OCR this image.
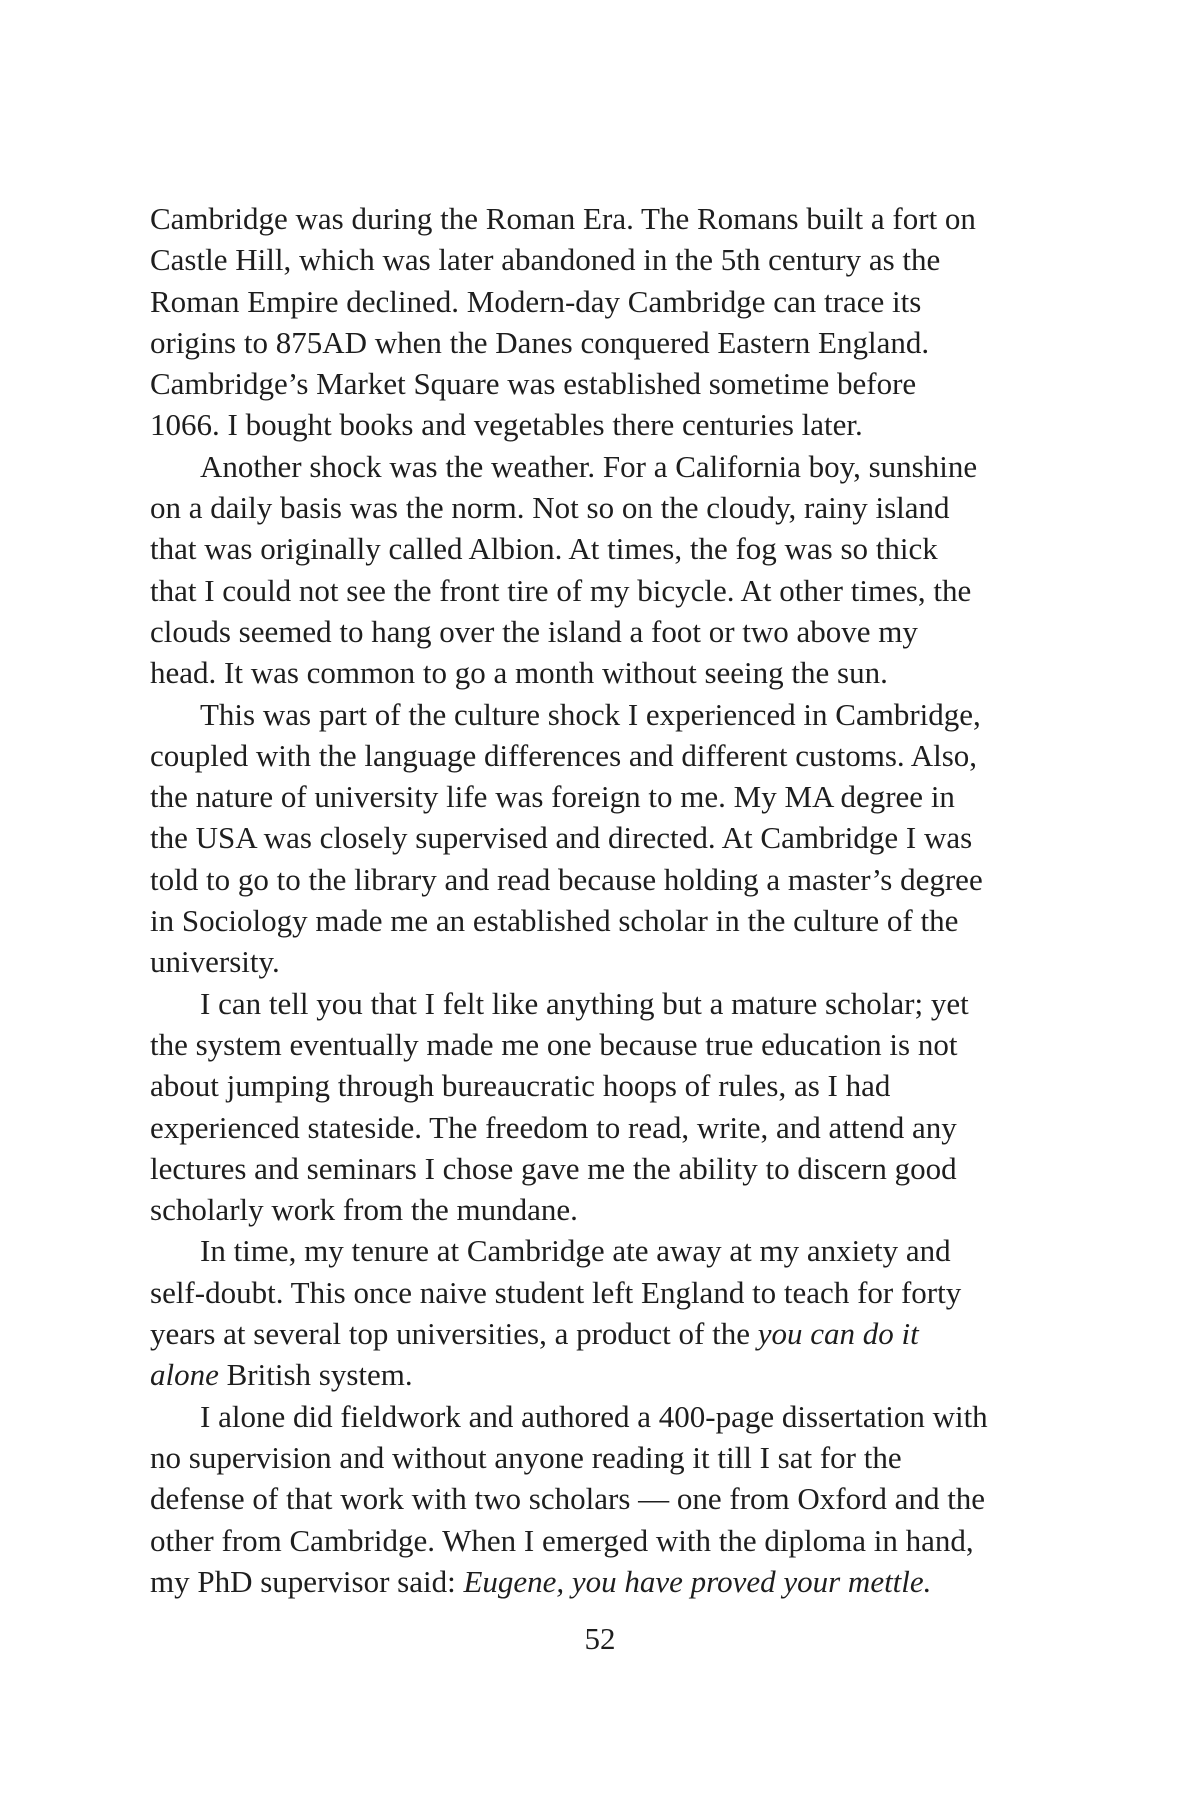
Cambridge was during the Roman Era. The Romans built a fort on
Castle Hill, which was later abandoned in the 5th century as the
Roman Empire declined. Modern-day Cambridge can trace its
origins to 875AD when the Danes conquered Eastern England.
Cambridge’s Market Square was established sometime before
1066. I bought books and vegetables there centuries later.
Another shock was the weather. For a California boy, sunshine
on a daily basis was the norm. Not so on the cloudy, rainy island
that was originally called Albion. At times, the fog was so thick
that I could not see the front tire of my bicycle. At other times, the
clouds seemed to hang over the island a foot or two above my
head. It was common to go a month without seeing the sun.
This was part of the culture shock I experienced in Cambridge,
coupled with the language differences and different customs. Also,
the nature of university life was foreign to me. My MA degree in
the USA was closely supervised and directed. At Cambridge I was
told to go to the library and read because holding a master’s degree
in Sociology made me an established scholar in the culture of the
university.
I can tell you that I felt like anything but a mature scholar; yet
the system eventually made me one because true education is not
about jumping through bureaucratic hoops of rules, as I had
experienced stateside. The freedom to read, write, and attend any
lectures and seminars I chose gave me the ability to discern good
scholarly work from the mundane.
In time, my tenure at Cambridge ate away at my anxiety and
self-doubt. This once naive student left England to teach for forty
years at several top universities, a product of the you can do it
alone British system.
I alone did fieldwork and authored a 400-page dissertation with
no supervision and without anyone reading it till I sat for the
defense of that work with two scholars — one from Oxford and the
other from Cambridge. When I emerged with the diploma in hand,
my PhD supervisor said: Eugene, you have proved your mettle.
52
